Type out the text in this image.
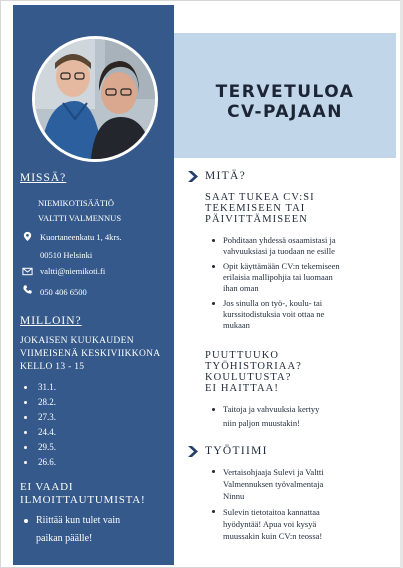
TERVETULOA
CV-PAJAAN
MISSÄ?
NIEMIKOTISÄÄTIÖ
VALTTI VALMENNUS
Kuortaneenkatu 1, 4krs.
00510 Helsinki
valtti@niemikoti.fi
050 406 6500
MILLOIN?
JOKAISEN KUUKAUDEN
VIIMEISENÄ KESKIVIIKKONA
KELLO 13 - 15
31.1.
28.2.
27.3.
24.4.
29.5.
26.6.
EI VAADI
ILMOITTAUTUMISTA!
Riittää kun tulet vain
paikan päälle!
MITÄ?
SAAT TUKEA CV:SI
TEKEMISEEN TAI
PÄIVITTÄMISEEN
Pohditaan yhdessä osaamistasi ja
vahvuuksiasi ja tuodaan ne esille
Opit käyttämään CV:n tekemiseen
erilaisia mallipohjia tai luomaan
ihan oman
Jos sinulla on työ-, koulu- tai
kurssitodistuksia voit ottaa ne
mukaan
PUUTTUUKO
TYÖHISTORIAA?
KOULUTUSTA?
EI HAITTAA!
Taitoja ja vahvuuksia kertyy
niin paljon muustakin!
TYÖTIIMI
Vertaisohjaaja Sulevi ja Valtti
Valmennuksen työvalmentaja
Ninnu
Sulevin tietotaitoa kannattaa
hyödyntää! Apua voi kysyä
muussakin kuin CV:n teossa!
